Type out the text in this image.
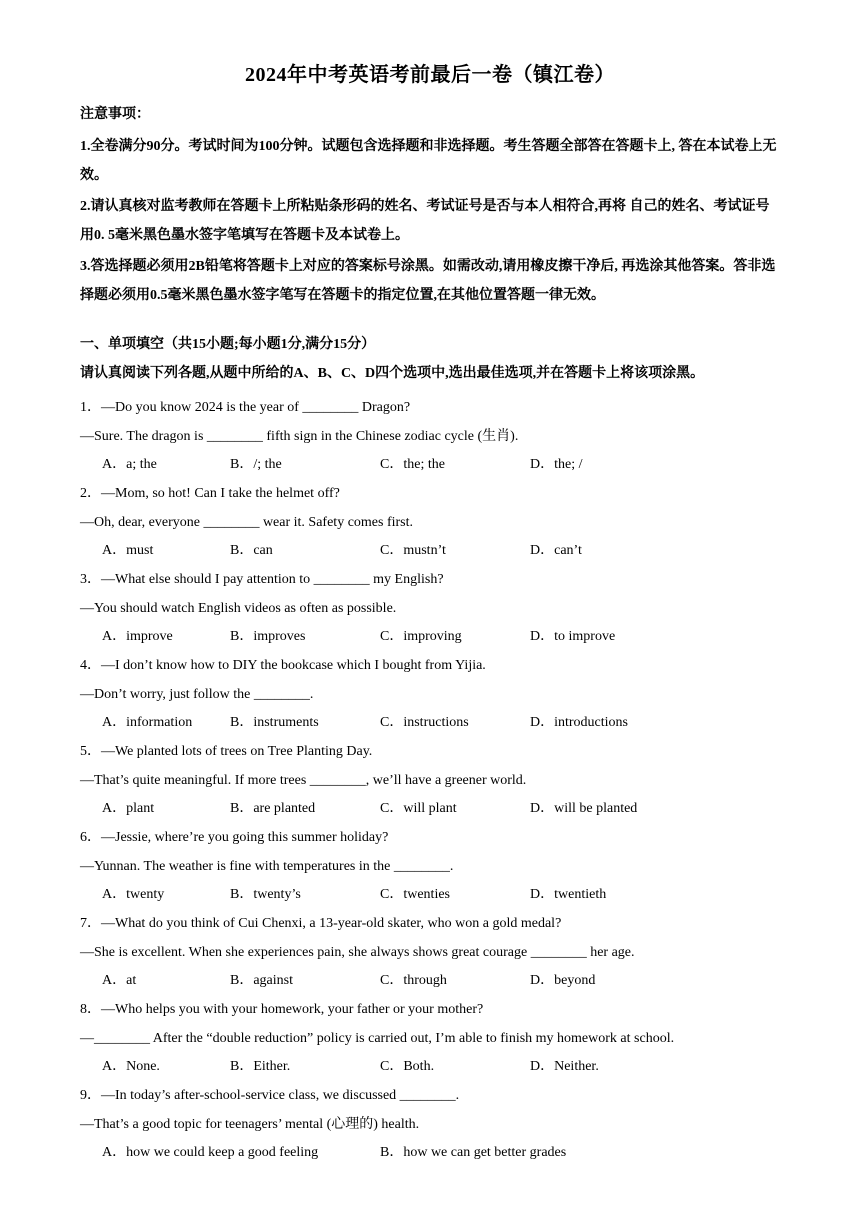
2024年中考英语考前最后一卷（镇江卷）
注意事项：

1.全卷满分90分。考试时间为100分钟。试题包含选择题和非选择题。考生答题全部答在答题卡上, 答在本试卷上无效。

2.请认真核对监考教师在答题卡上所粘贴条形码的姓名、考试证号是否与本人相符合,再将 自己的姓名、考试证号用0. 5毫米黑色墨水签字笔填写在答题卡及本试卷上。

3.答选择题必须用2B铅笔将答题卡上对应的答案标号涂黑。如需改动,请用橡皮擦干净后, 再选涂其他答案。答非选择题必须用0.5毫米黑色墨水签字笔写在答题卡的指定位置,在其他位置答题一律无效。

一、单项填空（共15小题;每小题1分,满分15分）
请认真阅读下列各题,从题中所给的A、B、C、D四个选项中,选出最佳选项,并在答题卡上将该项涂黑。
1．—Do you know 2024 is the year of ________ Dragon?
—Sure. The dragon is ________ fifth sign in the Chinese zodiac cycle (生肖).
A．a; the	B．/; the	C．the; the	D．the; /
2．—Mom, so hot! Can I take the helmet off?
—Oh, dear, everyone ________ wear it. Safety comes first.
A．must	B．can	C．mustn’t	D．can’t
3．—What else should I pay attention to ________ my English?
—You should watch English videos as often as possible.
A．improve	B．improves	C．improving	D．to improve
4．—I don’t know how to DIY the bookcase which I bought from Yijia.
—Don’t worry, just follow the ________.
A．information	B．instruments	C．instructions	D．introductions
5．—We planted lots of trees on Tree Planting Day.
—That’s quite meaningful. If more trees ________, we’ll have a greener world.
A．plant	B．are planted	C．will plant	D．will be planted
6．—Jessie, where’re you going this summer holiday?
—Yunnan. The weather is fine with temperatures in the ________.
A．twenty	B．twenty’s	C．twenties	D．twentieth
7．—What do you think of Cui Chenxi, a 13-year-old skater, who won a gold medal?
—She is excellent. When she experiences pain, she always shows great courage ________ her age.
A．at	B．against	C．through	D．beyond
8．—Who helps you with your homework, your father or your mother?
—________ After the “double reduction” policy is carried out, I’m able to finish my homework at school.
A．None.	B．Either.	C．Both.	D．Neither.
9．—In today’s after-school-service class, we discussed ________.
—That’s a good topic for teenagers’ mental (心理的) health.
A．how we could keep a good feeling	B．how we can get better grades
